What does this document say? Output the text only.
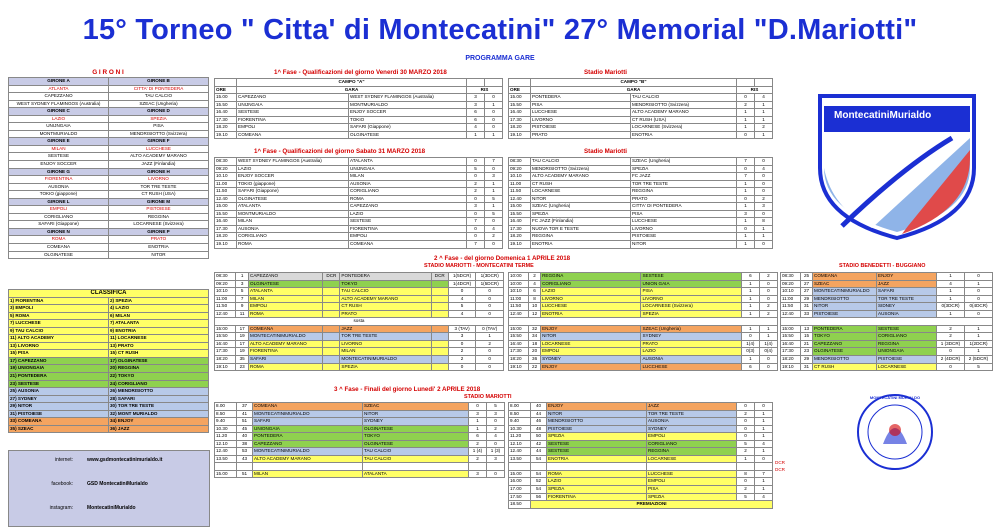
15° Torneo " Citta' di Montecatini" 27° Memorial "D.Mariotti"
PROGRAMMA GARE
G I R O N I
GIRONE A	GIRONE B
ATLANTA	CITTA' DI PONTEDERA
CAPEZZANO	TAU CALCIO
WEST SYDNEY FLAMINGOS (Australia)	SZEAC (Ungheria)
GIRONE C	GIRONE D
LAZIO	SPEZIA
UNIJNGAIA	PISA
MONTMURIALDO	MENDRISIOTTO (Svizzera)
GIRONE E	GIRONE F
MILAN	LUCCHESE
SESTESE	ALTO ACADEMY MARANO
ENJOY SOCCER	JAZZ (Finlandia)
GIRONE G	GIRONE H
FIORENTINA	LIVORNO
AUSONIA	TOR TRE TESTE
TOKIO (giappone)	CT RUSH (USA)
GIRONE L	GIRONE M
EMPOLI	PISTOIESE
CORIGLIANO	REGGINA
SAFARI (Giappone)	LOCARNESE (Svizzera)
GIRONE N	GIRONE P
ROMA	PRATO
COMEANA	ENOTRIA
OLGINATESE	NITOR
CLASSIFICA	
1) FIORENTINA	2) SPEZIA
3) EMPOLI	4) LAZIO
5) ROMA	6) MILAN
7) LUCCHESE	7) ATALANTA
9) TAU CALCIO	9) ENOTRIA
11) ALTO ACADEMY	11) LOCARNESE
13) LIVORNO	13) PRATO
15) PISA	15) CT RUSH
17) CAPEZZANO	17) OLGINATESE
19) UNIONGAIA	20) REGGINA
21) PONTEDERA	22) TOKYO
23) SESTESE	24) CORIGLIANO
25) AUSONIA	26) MENDRISIOTTO
27) SYDNEY	28) SAFARI
29) NITOR	30) TOR TRE TESTE
31) PISTOIESE	32) MONT MURIALDO
33) COMEANA	34) ENJOY
35) SZEAC	36) JAZZ
internet:	www.gsdmontecatinimurialdo.it
facebook:	GSD MontecatiniMurialdo
instagram:	MontecatiniMurialdo
1^ Fase - Qualificazioni del giorno Venerdi 30 MARZO 2018	Stadio Mariotti
	CAMPO "A"			
ORE	GARA		RIS	
15.00	CAPEZZANO	WEST SYDNEY FLAMINGOS (Australia)	3	0
15.50	UNIJNGAIA	MONTMURIALDO	3	1
16.40	SESTESE	ENJOY SOCCER	6	0
17.30	FIORENTINA	TOKIO	6	0
18.20	EMPOLI	SAFARI (Giappone)	4	0
19.10	COMEANA	OLGINATESE	1	1
	CAMPO "B"			
ORE	GARA		RIS	
15.00	PONTEDERA	TAU CALCIO	0	4
15.50	PISA	MENDRISIOTTO (Svizzera)	2	1
16.40	LUCCHESE	ALTO ACADEMY MARANO	1	1
17.30	LIVORNO	CT RUSH (USA)	1	1
18.20	PISTOIESE	LOCARNESE (Svizzera)	1	2
19.10	PRATO	ENOTRIA	0	1
1^ Fase - Qualificazioni del giorno Sabato 31 MARZO 2018	Stadio Mariotti
08:30	WEST SYDNEY FLAMINGOS (Australia)	ATALANTA	0	7
09:20	LAZIO	UNIJNGAIA	5	0
10.10	ENJOY SOCCER	MILAN	0	3
11.00	TOKIO (giappone)	AUSONIA	2	1
11.50	SAFARI (Giappone)	CORIGLIANO	2	1
12.40	OLGINATESE	ROMA	0	5
15.00	ATALANTA	CAPEZZANO	3	1
15.50	MONTMURIALDO	LAZIO	0	5
16.40	MILAN	SESTESE	7	0
17.30	AUSONIA	FIORENTINA	0	4
18.20	CORIGLIANO	EMPOLI	0	2
19.10	ROMA	COMEANA	7	0
08:30	TAU CALCIO	SZEAC (Ungheria)	7	0
09:20	MENDRISIOTTO (Svizzera)	SPEZIA	0	4
10.10	ALTO ACADEMY MARANO	FC JAZZ	7	0
11.00	CT RUSH	TOR TRE TESTE	1	0
11.50	LOCARNESE	REGGINA	1	0
12.40	NITOR	PRATO	0	2
15.00	SZEAC (Ungheria)	CITTA' DI PONTEDERA	1	3
15.50	SPEZIA	PISA	3	0
16.40	FC JAZZ (Finlandia)	LUCCHESE	1	8
17.30	NUOVA TOR E TESTE	LIVORNO	0	1
18.20	REGGINA	PISTOIESE	1	1
19.10	ENOTRIA	NITOR	1	0
2 ^ Fase - del giorno Domenica 1 APRILE 2018
STADIO MARIOTTI - MONTECATINI TERME	STADIO BENEDETTI - BUGGIANO
08:30	1	CAPEZZANO	DCR	PONTEDERA	DCR	1(5DCR)	1(3DCR)
09:20	3	OLGINATESE		TOKYO		1(4DCR)	1(5DCR)
10:10	5	ATALANTA		TAU CALCIO		0	0
11:00	7	MILAN		ALTO ACADEMY MARANO		4	0
11:50	9	EMPOLI		CT RUSH		5	0
12:40	11	ROMA		PRATO		4	0
sosta							
15:00	17	COMEANA		JAZZ		3 (TAV)	0 (TAV)
15:50	19	MONTECATINIMURIALDO		TOR TRE TESTE		3	1
16:40	17	ALTO ACADEMY MARANO		LIVORNO		0	2
17:30	19	FIORENTINA		MILAN		2	0
18:20	35	SAFARI		MONTECATINIMURIALDO		2	0
19:10	23	ROMA		SPEZIA		0	0
10:00	2	REGGINA	SESTESE	6	2
10:00	4	CORIGLIANO	UNION GAIA	1	0
10:10	6	LAZIO	PISA	1	0
11:00	8	LIVORNO	LIVORNO	1	0
11:50	10	LUCCHESE	LOCARNESE (Svizzera)	1	2
12:40	12	ENOTRIA	SPEZIA	1	2

15:00	32	ENJOY	SZEAC (Ungheria)	1	1
15:50	34	NITOR	SYDNEY	0	1
16:40	18	LOCARNESE	PRATO	1(4)	1(4)
17:30	20	EMPOLI	LAZIO	0(3)	0(4)
18:20	36	SYDNEY	AUSONIA	1	0
19:10	22	ENJOY	LUCCHESE	6	0
08:30	25	COMEANA	ENJOY	1	0
09:20	27	SZEAC	JAZZ	4	1
10:10	27	MONTECATINIMURIALDO	SAFARI	1	0
11:00	29	MENDRISIOTTO	TOR TRE TESTE	1	0
11:50	31	NITOR	SIDNEY	0(3DCR)	0(4DCR)
12:40	33	PISTOIESE	AUSONIA	1	0

15:00	13	PONTEDERA	SESTESE	2	1
15:50	15	TOKYO	CORIGLIANO	2	1
16:40	21	CAPEZZANO	REGGINA	1 (3DCR)	1(2DCR)
17:30	23	OLGINATESE	UNIONGAIA	0	1
18:20	29	MENDRISIOTTO	PISTOIESE	2 (4DCR)	2 (5DCR)
19:10	31	CT RUSH	LOCARNESE	0	5
3 ^ Fase - Finali del giorno Lunedi' 2 APRILE 2018
STADIO MARIOTTI
8.00	37	COMEANA	SZEAC	0	5
8.50	41	MONTECATINIMURIALDO	NITOR	3	3
9.40	51	SAFARI	SYDNEY	1	0
10.30	45	UNIONGAIA	OLGINATESE	1	2
11.20	40	PONTEDERA	TOKYO	6	4
12.10	38	CAPEZZANO	OLGINATESE	2	0
12.40	53	MONTECATINIMURIALDO	TAU CALCIO	1 (4)	1 (3)
13.50	43	ALTO ACADEMY MARANO	TAU CALCIO	2	3

15.00	51	MILAN	ATALANTA	3	0
8.00	40	ENJOY	JAZZ	0	0
8.50	44	NITOR	TOR TRE TESTE	2	1
9.40	46	MENDRISIOTTO	AUSONIA	0	1
10.30	48	PISTOIESE	SYDNEY	0	1
11.20	50	SPEZIA	EMPOLI	0	1
12.10	42	SESTESE	CORIGLIANO	5	4
12.40	44	SESTESE	REGGINA	2	1
13.50	54	ENOTRIA	LOCARNESE	1	0

15.00	54	ROMA	LUCCHESE	8	7
16.00	52	LAZIO	EMPOLI	0	1
17.00	54	SPEZIA	PISA	2	1
17.50	56	FIORENTINA	SPEZIA	5	4
18.50	PREMIAZIONI				
DCR
DCR
MontecatiniMurialdo
MONTECATINI MURIALDO
